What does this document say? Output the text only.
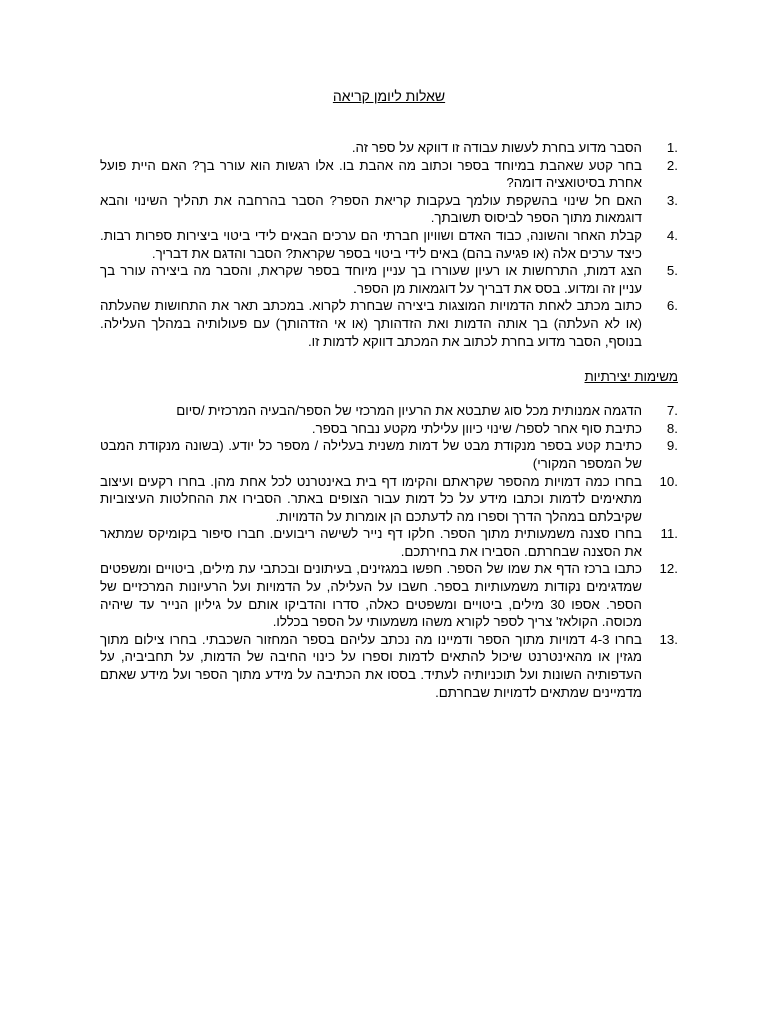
שאלות ליומן קריאה
.1
הסבר מדוע בחרת לעשות עבודה זו דווקא על ספר זה.
.2
בחר קטע שאהבת במיוחד בספר וכתוב מה אהבת בו. אלו רגשות הוא עורר בך? האם היית פועל אחרת בסיטואציה דומה?
.3
האם חל שינוי בהשקפת עולמך בעקבות קריאת הספר? הסבר בהרחבה את תהליך השינוי והבא דוגמאות מתוך הספר לביסוס תשובתך.
.4
קבלת האחר והשונה, כבוד האדם ושוויון חברתי הם ערכים הבאים לידי ביטוי ביצירות ספרות רבות. כיצד ערכים אלה (או פגיעה בהם) באים לידי ביטוי בספר שקראת? הסבר והדגם את דבריך.
.5
הצג דמות, התרחשות או רעיון שעוררו בך עניין מיוחד בספר שקראת, והסבר מה ביצירה עורר בך עניין זה ומדוע. בסס את דבריך על דוגמאות מן הספר.
.6
כתוב מכתב לאחת הדמויות המוצגות ביצירה שבחרת לקרוא. במכתב תאר את התחושות שהעלתה (או לא העלתה) בך אותה הדמות ואת הזדהותך (או אי הזדהותך) עם פעולותיה במהלך העלילה. בנוסף, הסבר מדוע בחרת לכתוב את המכתב דווקא לדמות זו.
משימות יצירתיות
.7
הדגמה אמנותית מכל סוג שתבטא את הרעיון המרכזי של הספר/הבעיה המרכזית /סיום
.8
כתיבת סוף אחר לספר/ שינוי כיוון עלילתי מקטע נבחר בספר.
.9
כתיבת קטע בספר מנקודת מבט של דמות משנית בעלילה / מספר כל יודע. (בשונה מנקודת המבט של המספר המקורי)
.10
בחרו כמה דמויות מהספר שקראתם והקימו דף בית באינטרנט לכל אחת מהן. בחרו רקעים ועיצוב מתאימים לדמות וכתבו מידע על כל דמות עבור הצופים באתר. הסבירו את ההחלטות העיצוביות שקיבלתם במהלך הדרך וספרו מה לדעתכם הן אומרות על הדמויות.
.11
בחרו סצנה משמעותית מתוך הספר. חלקו דף נייר לשישה ריבועים. חברו סיפור בקומיקס שמתאר את הסצנה שבחרתם. הסבירו את בחירתכם.
.12
כתבו ברכז הדף את שמו של הספר. חפשו במגזינים, בעיתונים ובכתבי עת מילים, ביטויים ומשפטים שמדגימים נקודות משמעותיות בספר. חשבו על העלילה, על הדמויות ועל הרעיונות המרכזיים של הספר. אספו 30 מילים, ביטויים ומשפטים כאלה, סדרו והדביקו אותם על גיליון הנייר עד שיהיה מכוסה. הקולאז' צריך לספר לקורא משהו משמעותי על הספר בכללו.
.13
בחרו 4-3 דמויות מתוך הספר ודמיינו מה נכתב עליהם בספר המחזור השכבתי. בחרו צילום מתוך מגזין או מהאינטרנט שיכול להתאים לדמות וספרו על כינוי החיבה של הדמות, על תחביביה, על העדפותיה השונות ועל תוכניותיה לעתיד. בססו את הכתיבה על מידע מתוך הספר ועל מידע שאתם מדמיינים שמתאים לדמויות שבחרתם.
